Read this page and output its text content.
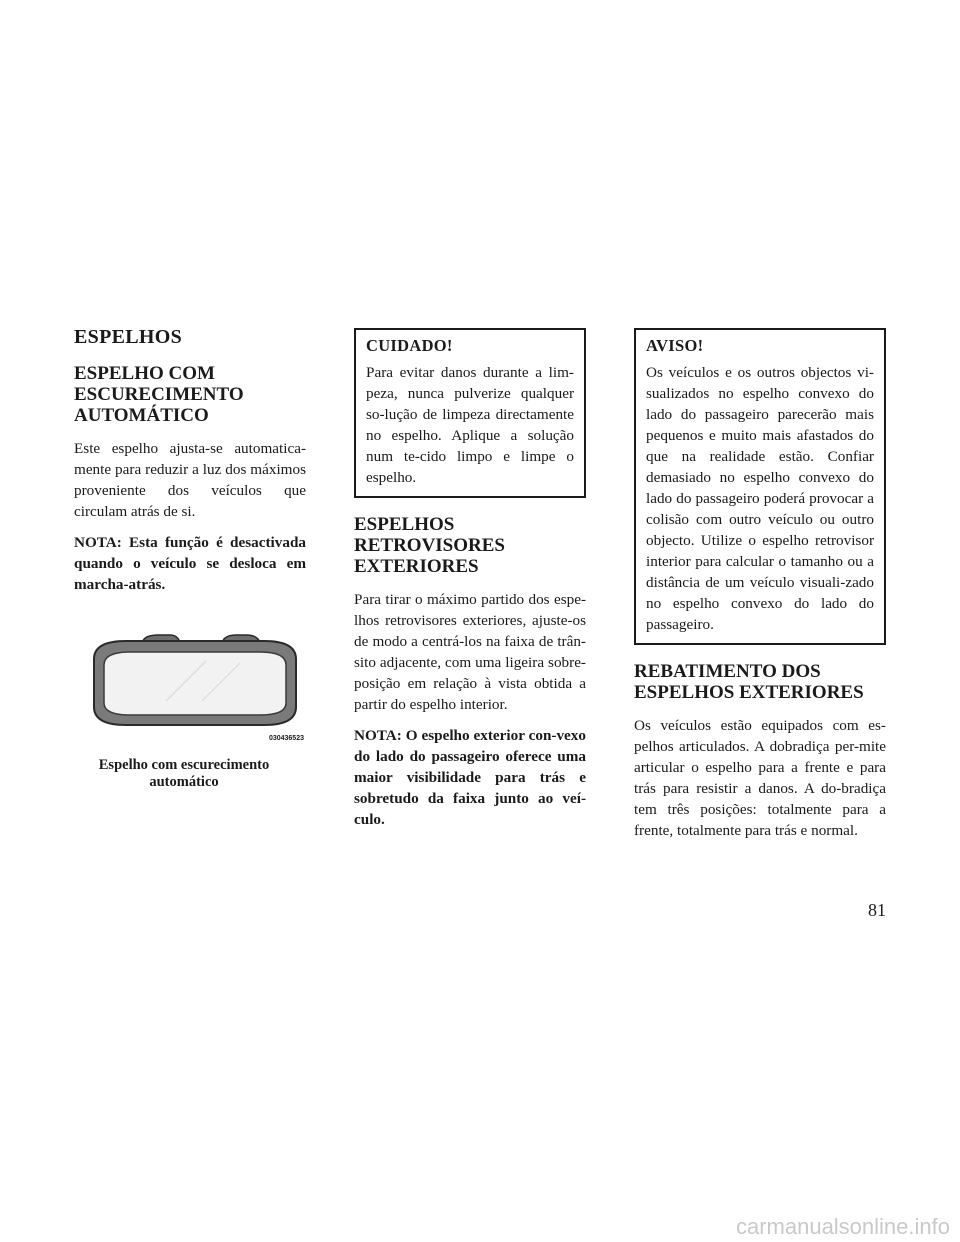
ESPELHOS
ESPELHO COM ESCURECIMENTO AUTOMÁTICO

Este espelho ajusta-se automatica-mente para reduzir a luz dos máximos proveniente dos veículos que circulam atrás de si.

NOTA: Esta função é desactivada quando o veículo se desloca em marcha-atrás.

030436523
Espelho com escurecimento
automático
CUIDADO!

Para evitar danos durante a lim-peza, nunca pulverize qualquer so-lução de limpeza directamente no espelho. Aplique a solução num te-cido limpo e limpe o espelho.

ESPELHOS RETROVISORES EXTERIORES

Para tirar o máximo partido dos espe-lhos retrovisores exteriores, ajuste-os de modo a centrá-los na faixa de trân-sito adjacente, com uma ligeira sobre-posição em relação à vista obtida a partir do espelho interior.

NOTA: O espelho exterior con-vexo do lado do passageiro oferece uma maior visibilidade para trás e sobretudo da faixa junto ao veí-culo.

AVISO!

Os veículos e os outros objectos vi-sualizados no espelho convexo do lado do passageiro parecerão mais pequenos e muito mais afastados do que na realidade estão. Confiar demasiado no espelho convexo do lado do passageiro poderá provocar a colisão com outro veículo ou outro objecto. Utilize o espelho retrovisor interior para calcular o tamanho ou a distância de um veículo visuali-zado no espelho convexo do lado do passageiro.

REBATIMENTO DOS
ESPELHOS EXTERIORES

Os veículos estão equipados com es-pelhos articulados. A dobradiça per-mite articular o espelho para a frente e para trás para resistir a danos. A do-bradiça tem três posições: totalmente para a frente, totalmente para trás e normal.

81
carmanualsonline.info
